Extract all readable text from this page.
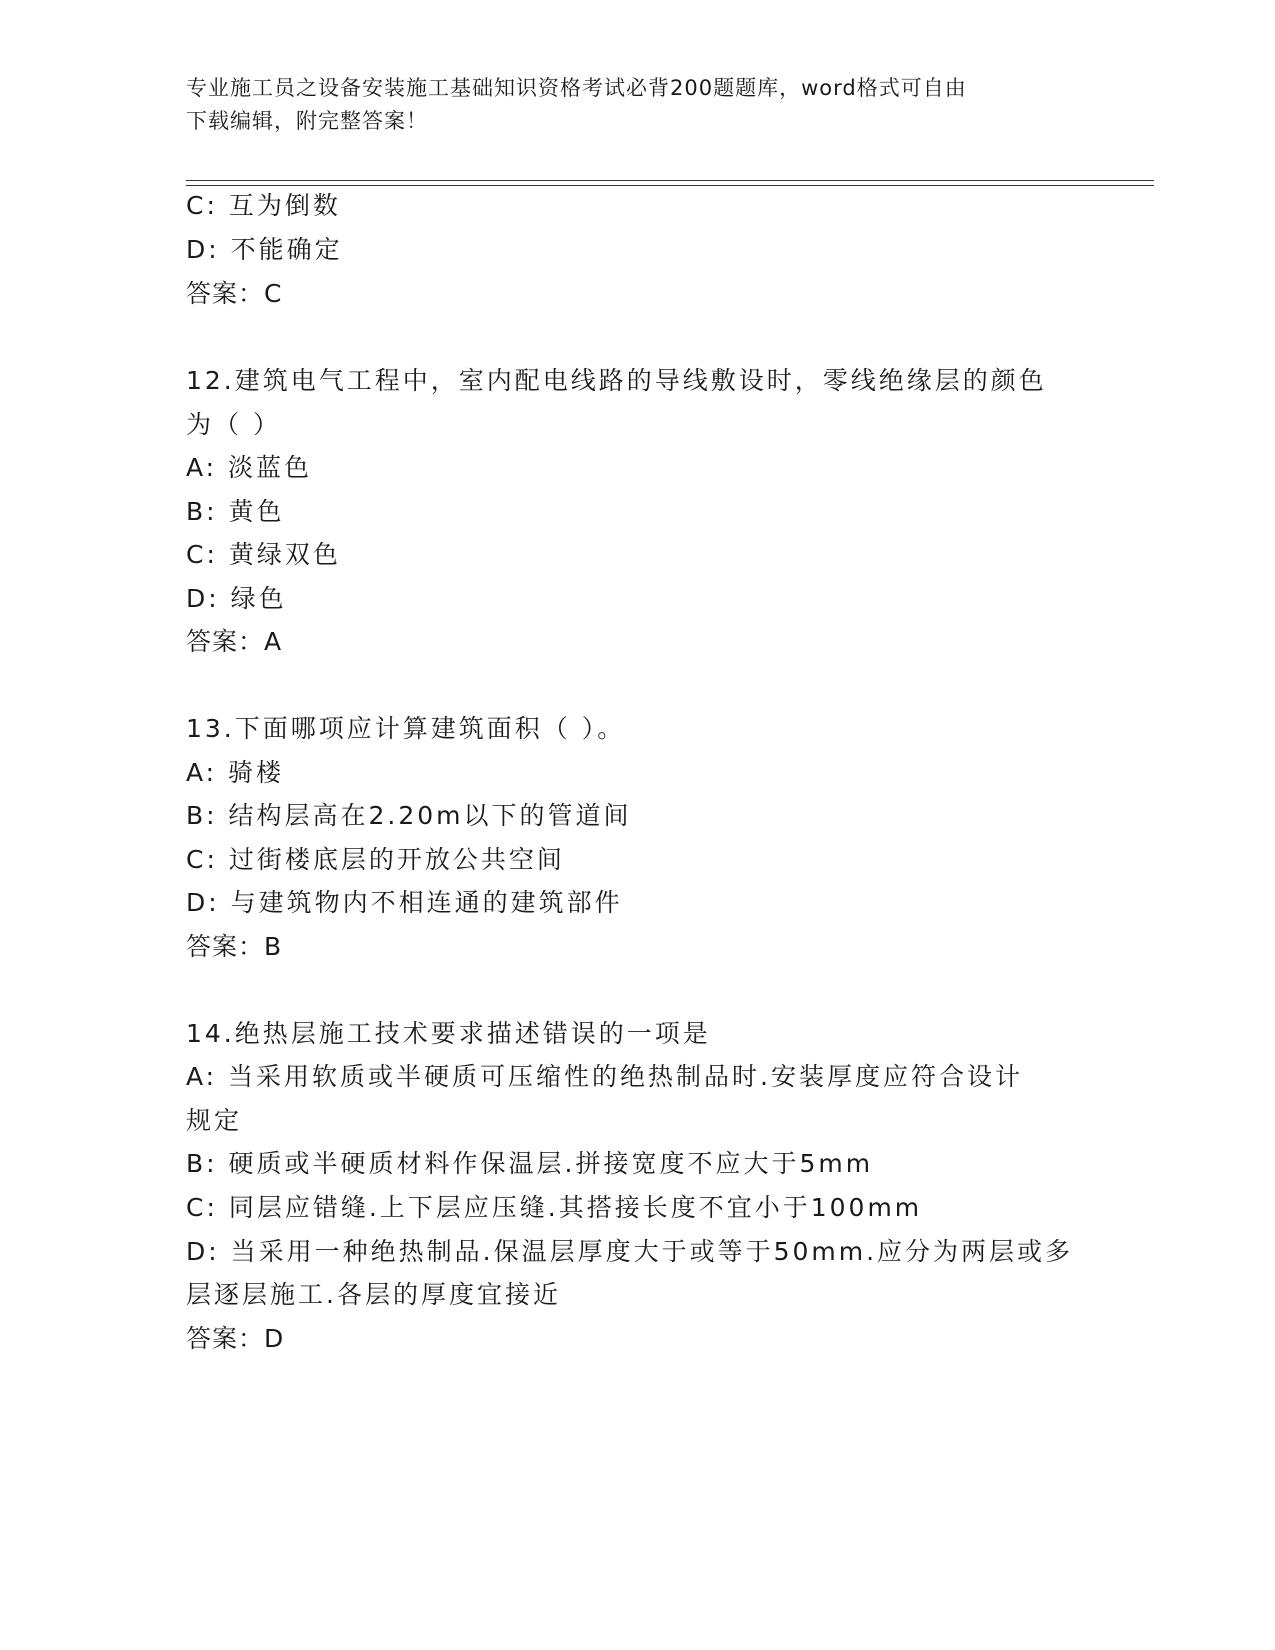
专业施工员之设备安装施工基础知识资格考试必背200题题库，word格式可自由
下载编辑，附完整答案！
C: 互为倒数
D: 不能确定
答案：C
12.建筑电气工程中，室内配电线路的导线敷设时，零线绝缘层的颜色
为（ ）
A: 淡蓝色
B: 黄色
C: 黄绿双色
D: 绿色
答案：A
13.下面哪项应计算建筑面积（ ）。
A: 骑楼
B: 结构层高在2.20m以下的管道间
C: 过街楼底层的开放公共空间
D: 与建筑物内不相连通的建筑部件
答案：B
14.绝热层施工技术要求描述错误的一项是
A: 当采用软质或半硬质可压缩性的绝热制品时.安装厚度应符合设计
规定
B: 硬质或半硬质材料作保温层.拼接宽度不应大于5mm
C: 同层应错缝.上下层应压缝.其搭接长度不宜小于100mm
D: 当采用一种绝热制品.保温层厚度大于或等于50mm.应分为两层或多
层逐层施工.各层的厚度宜接近
答案：D
